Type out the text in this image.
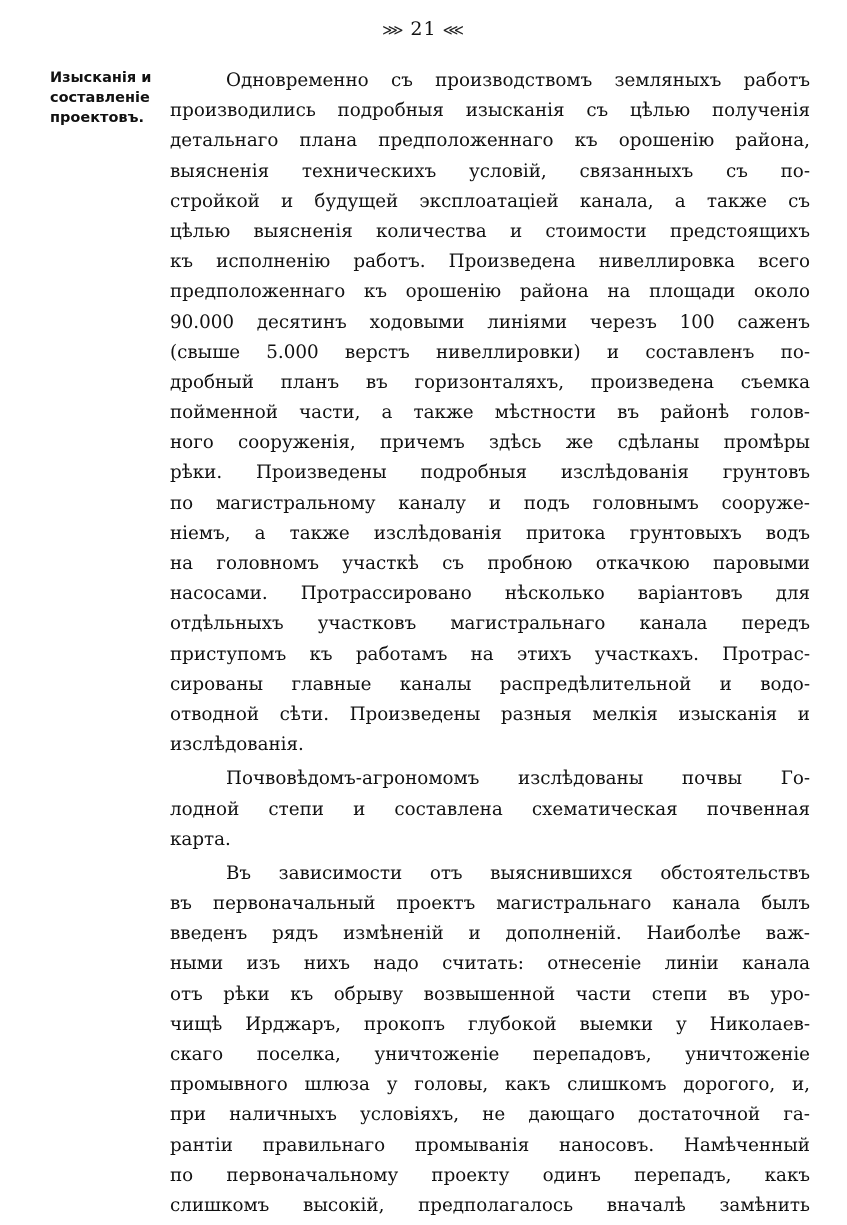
⋙ 21 ⋘
Изысканія и
составленіе
проектовъ.

Одновременно съ производствомъ земляныхъ работъ
производились подробныя изысканія съ цѣлью полученія
детальнаго плана предположеннаго къ орошенію района,
выясненія техническихъ условій, связанныхъ съ по-
стройкой и будущей эксплоатаціей канала, а также съ
цѣлью выясненія количества и стоимости предстоящихъ
къ исполненію работъ. Произведена нивеллировка всего
предположеннаго къ орошенію района на площади около
90.000 десятинъ ходовыми линіями черезъ 100 саженъ
(свыше 5.000 верстъ нивеллировки) и составленъ по-
дробный планъ въ горизонталяхъ, произведена съемка
пойменной части, а также мѣстности въ районѣ голов-
ного сооруженія, причемъ здѣсь же сдѣланы промѣры
рѣки. Произведены подробныя изслѣдованія грунтовъ
по магистральному каналу и подъ головнымъ сооруже-
ніемъ, а также изслѣдованія притока грунтовыхъ водъ
на головномъ участкѣ съ пробною откачкою паровыми
насосами. Протрассировано нѣсколько варіантовъ для
отдѣльныхъ участковъ магистральнаго канала передъ
приступомъ къ работамъ на этихъ участкахъ. Протрас-
сированы главные каналы распредѣлительной и водо-
отводной сѣти. Произведены разныя мелкія изысканія и
изслѣдованія.

Почвовѣдомъ-агрономомъ изслѣдованы почвы Го-
лодной степи и составлена схематическая почвенная
карта.

Въ зависимости отъ выяснившихся обстоятельствъ
въ первоначальный проектъ магистральнаго канала былъ
введенъ рядъ измѣненій и дополненій. Наиболѣе важ-
ными изъ нихъ надо считать: отнесеніе линіи канала
отъ рѣки къ обрыву возвышенной части степи въ уро-
чищѣ Ирджаръ, прокопъ глубокой выемки у Николаев-
скаго поселка, уничтоженіе перепадовъ, уничтоженіе
промывного шлюза у головы, какъ слишкомъ дорогого, и,
при наличныхъ условіяхъ, не дающаго достаточной га-
рантіи правильнаго промыванія наносовъ. Намѣченный
по первоначальному проекту одинъ перепадъ, какъ
слишкомъ высокій, предполагалось вначалѣ замѣнить
